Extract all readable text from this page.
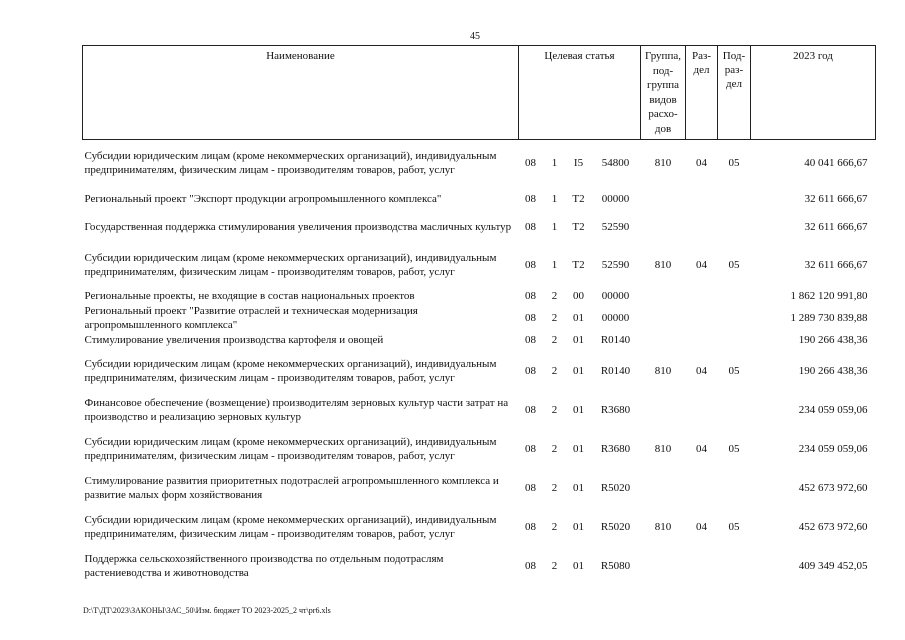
45
Наименование	Целевая статья				Группа, под-группа видов расхо-дов	Раз-дел	Под-раз-дел	2023 год
Субсидии юридическим лицам (кроме некоммерческих организаций), индивидуальным предпринимателям, физическим лицам - производителям товаров, работ, услуг	08	1	I5	54800	810	04	05	40 041 666,67
Региональный проект "Экспорт продукции агропромышленного комплекса"	08	1	T2	00000				32 611 666,67
Государственная поддержка стимулирования увеличения производства масличных культур	08	1	T2	52590				32 611 666,67
Субсидии юридическим лицам (кроме некоммерческих организаций), индивидуальным предпринимателям, физическим лицам - производителям товаров, работ, услуг	08	1	T2	52590	810	04	05	32 611 666,67
Региональные проекты, не входящие в состав национальных проектов	08	2	00	00000				1 862 120 991,80
Региональный проект "Развитие отраслей и техническая модернизация агропромышленного комплекса"	08	2	01	00000				1 289 730 839,88
Стимулирование увеличения производства картофеля и овощей	08	2	01	R0140				190 266 438,36
Субсидии юридическим лицам (кроме некоммерческих организаций), индивидуальным предпринимателям, физическим лицам - производителям товаров, работ, услуг	08	2	01	R0140	810	04	05	190 266 438,36
Финансовое обеспечение (возмещение) производителям зерновых культур части затрат на производство и реализацию зерновых культур	08	2	01	R3680				234 059 059,06
Субсидии юридическим лицам (кроме некоммерческих организаций), индивидуальным предпринимателям, физическим лицам - производителям товаров, работ, услуг	08	2	01	R3680	810	04	05	234 059 059,06
Стимулирование развития приоритетных подотраслей агропромышленного комплекса и развитие малых форм хозяйствования	08	2	01	R5020				452 673 972,60
Субсидии юридическим лицам (кроме некоммерческих организаций), индивидуальным предпринимателям, физическим лицам - производителям товаров, работ, услуг	08	2	01	R5020	810	04	05	452 673 972,60
Поддержка сельскохозяйственного производства по отдельным подотраслям растениеводства и животноводства	08	2	01	R5080				409 349 452,05
D:\Т\ДТ\2023\ЗАКОНЫ\ЗАС_50\Изм. бюджет ТО 2023-2025_2 чт\pr6.xls
